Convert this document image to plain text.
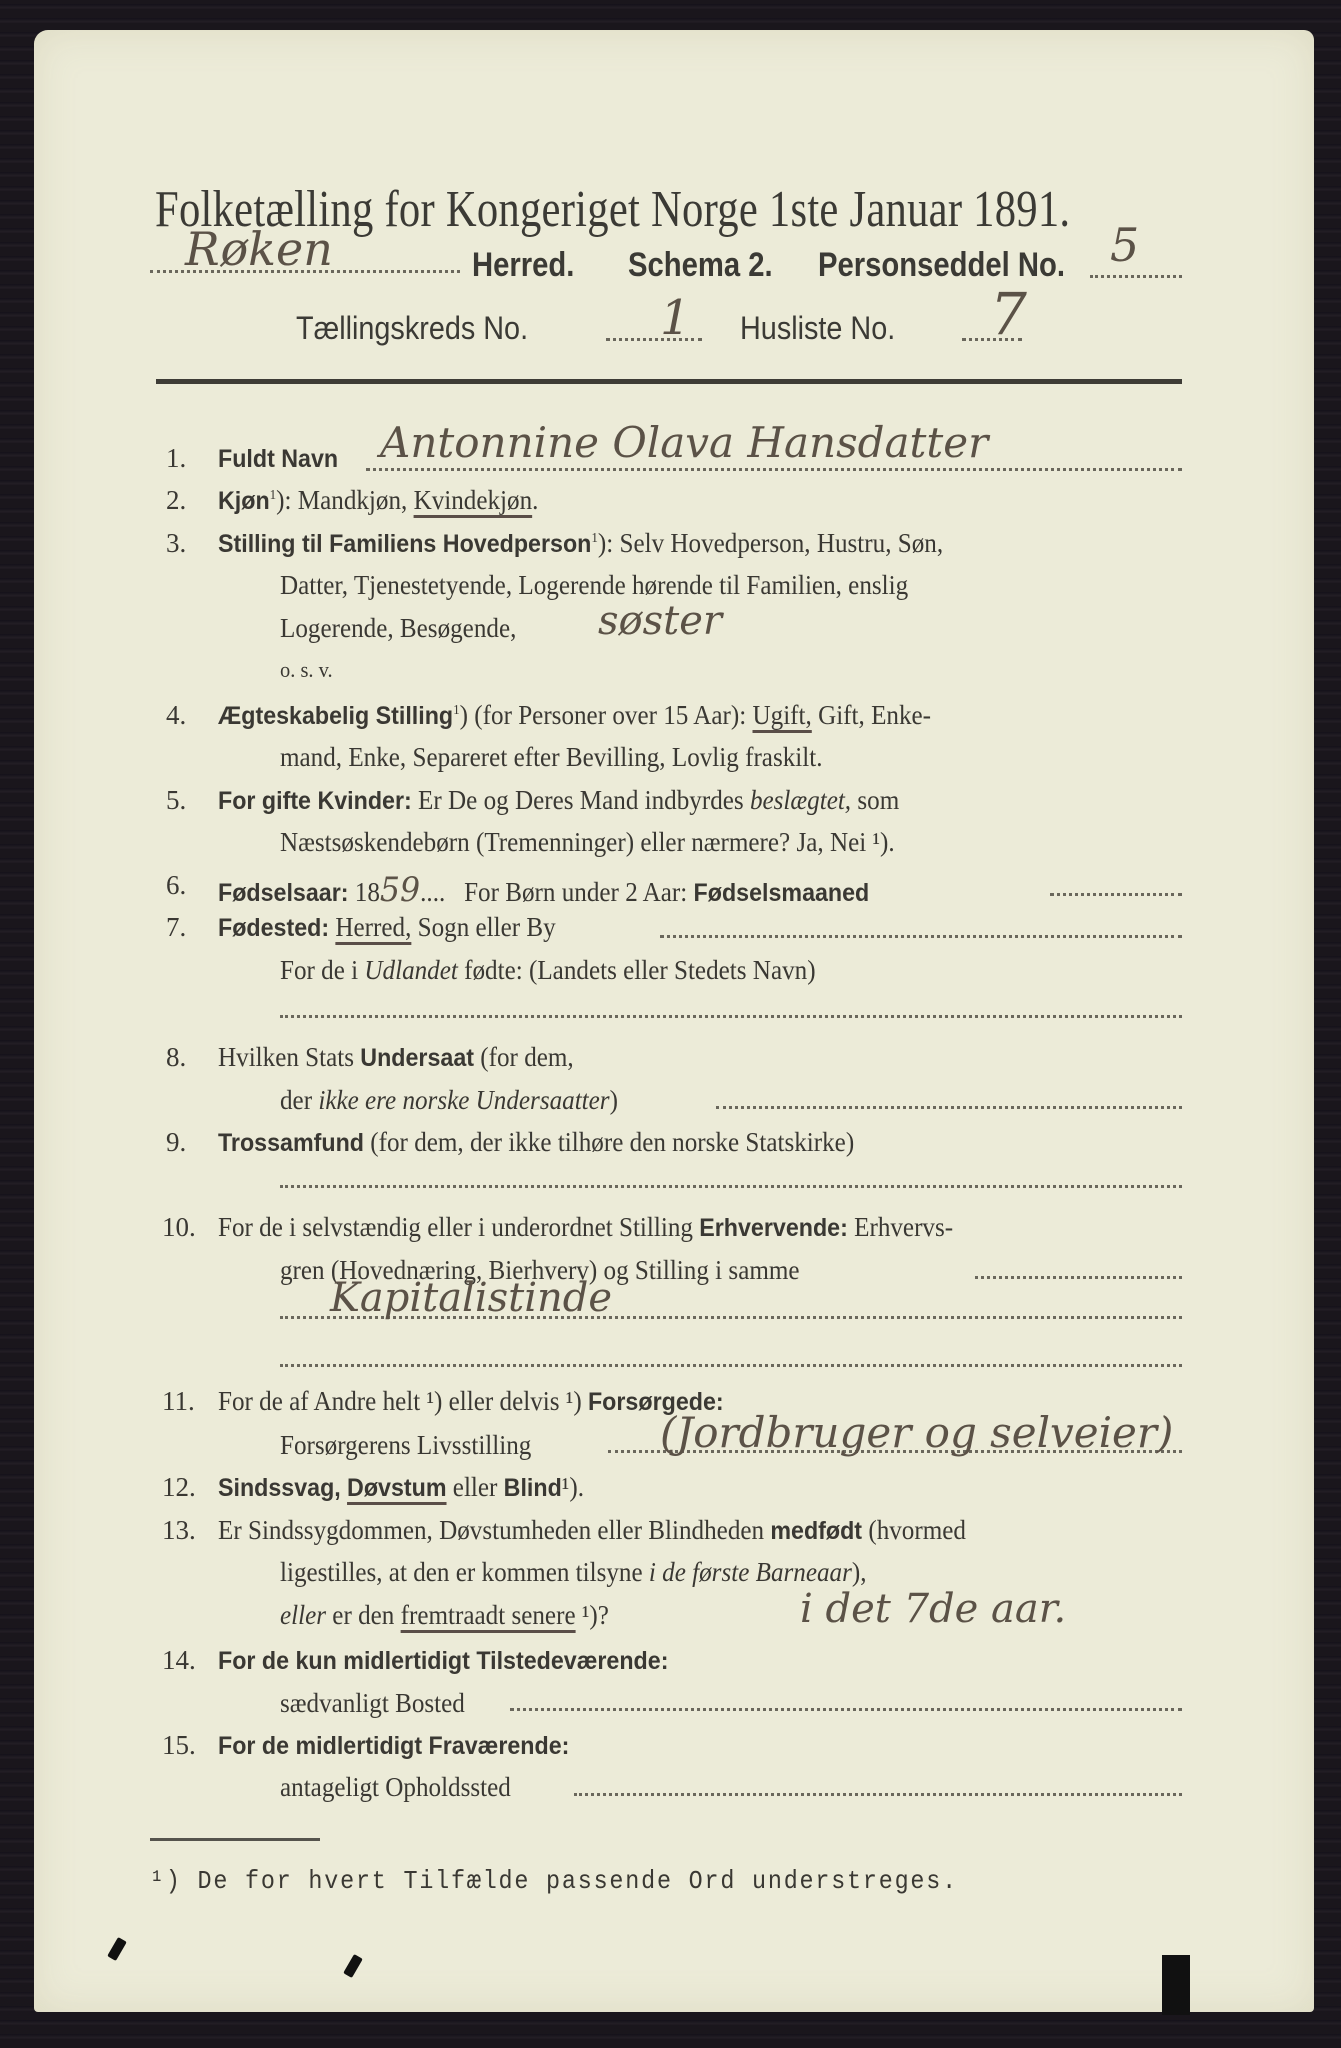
Folketælling for Kongeriget Norge 1ste Januar 1891.
Røken	Herred. Schema 2. Personseddel No. 5
Tællingskreds No.	1 Husliste No. 7
1. Fuldt Navn Antonnine Olava Hansdatter
2. Kjøn$^1$): Mandkjøn, Kvindekjøn.
3. Stilling til Familiens Hovedperson$^1$): Selv Hovedperson, Hustru, Søn,
Datter, Tjenestetyende, Logerende hørende til Familien, enslig
Logerende, Besøgende, søster
o. s. v.
4. Ægteskabelig Stilling$^1$) (for Personer over 15 Aar): Ugift, Gift, Enke-
mand, Enke, Separeret efter Bevilling, Lovlig fraskilt.
5. For gifte Kvinder: Er De og Deres Mand indbyrdes beslægtet, som
Næstsøskendebørn (Tremenninger) eller nærmere? Ja, Nei ¹).
6. Fødselsaar: 1859....   For Børn under 2 Aar: Fødselsmaaned
7. Fødested: Herred, Sogn eller By
For de i Udlandet fødte: (Landets eller Stedets Navn)
8. Hvilken Stats Undersaat (for dem,
der ikke ere norske Undersaatter)
9. Trossamfund (for dem, der ikke tilhøre den norske Statskirke)
10. For de i selvstændig eller i underordnet Stilling Erhvervende: Erhvervs-
gren (Hovednæring, Bierhverv) og Stilling i samme
Kapitalistinde
11. For de af Andre helt ¹) eller delvis ¹) Forsørgede:
Forsørgerens Livsstilling	(Jordbruger og selveier)
12. Sindssvag, Døvstum eller Blind¹).
13. Er Sindssygdommen, Døvstumheden eller Blindheden medfødt (hvormed
ligestilles, at den er kommen tilsyne i de første Barneaar),
eller er den fremtraadt senere ¹)?	i det 7de aar.
14. For de kun midlertidigt Tilstedeværende:
sædvanligt Bosted
15. For de midlertidigt Fraværende:
antageligt Opholdssted
¹) De for hvert Tilfælde passende Ord understreges.
